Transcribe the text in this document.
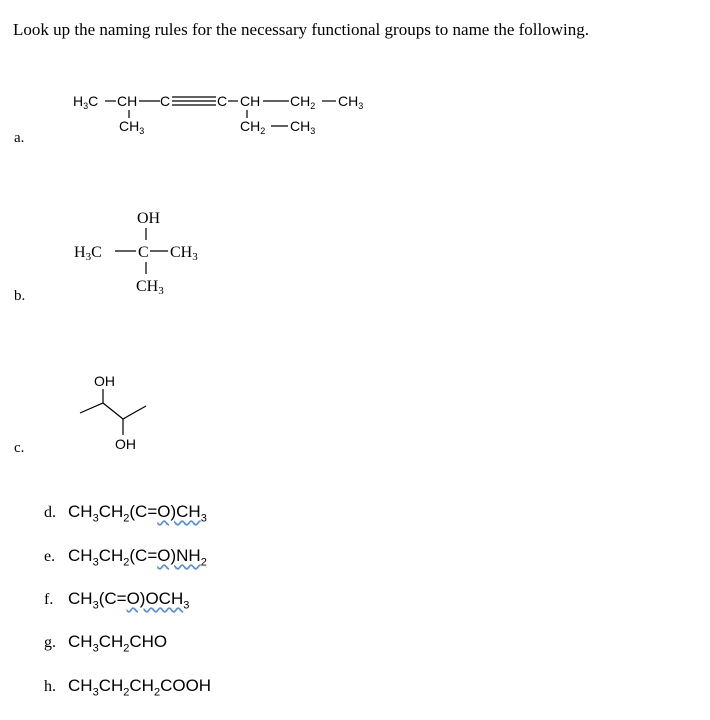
Look up the naming rules for the necessary functional groups to name the following.
a.
b.
c.
$H_3C$ CH C	C CH $CH_2$ $CH_3$
$CH_3$	$CH_2$ $CH_3$
OH
H3C C CH3
CH3
OH
OH
d. $CH_3CH_2(C=O)CH_3$
e. $CH_3CH_2(C=O)NH_2$
f. $CH_3(C=O)OCH_3$
g. $CH_3CH_2CHO$
h. $CH_3CH_2CH_2COOH$
